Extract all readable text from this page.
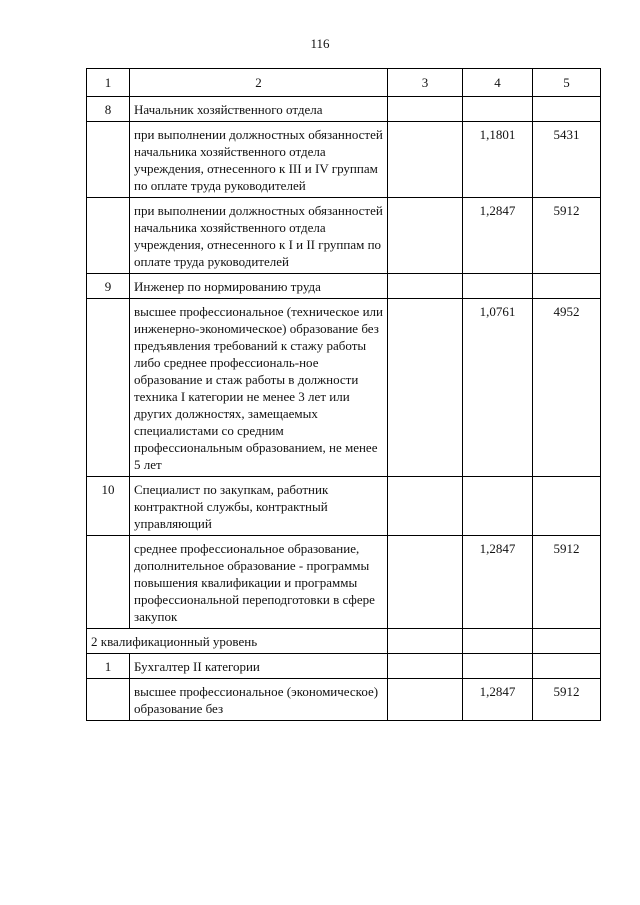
116
1	2	3	4	5
8	Начальник хозяйственного отдела			
	при выполнении должностных обязанностей начальника хозяйственного отдела учреждения, отнесенного к III и IV группам по оплате труда руководителей		1,1801	5431
	при выполнении должностных обязанностей начальника хозяйственного отдела учреждения, отнесенного к I и II группам по оплате труда руководителей		1,2847	5912
9	Инженер по нормированию труда			
	высшее профессиональное (техническое или инженерно-экономическое) образование без предъявления требований к стажу работы либо среднее профессиональ-ное образование и стаж работы в должности техника I категории не менее 3 лет или других должностях, замещаемых специалистами со средним профессиональным образованием, не менее 5 лет		1,0761	4952
10	Специалист по закупкам, работник контрактной службы, контрактный управляющий			
	среднее профессиональное образование, дополнительное образование - программы повышения квалификации и программы профессиональной переподготовки в сфере закупок		1,2847	5912
2 квалификационный уровень				
1	Бухгалтер II категории			
	высшее профессиональное (экономическое) образование без		1,2847	5912
